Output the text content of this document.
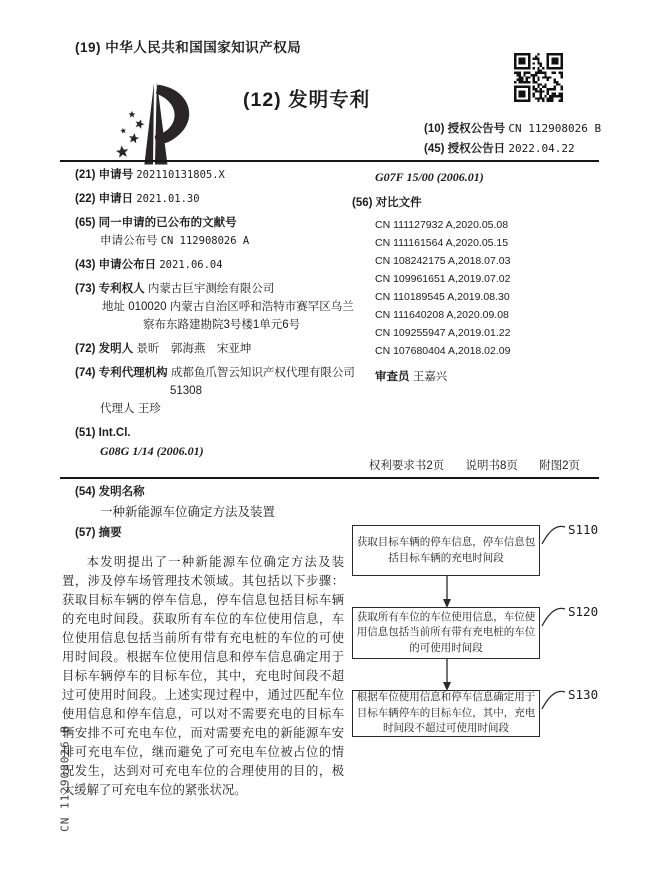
(19) 中华人民共和国国家知识产权局
(12) 发明专利
(10) 授权公告号 CN 112908026 B
(45) 授权公告日 2022.04.22
(21) 申请号 202110131805.X
(22) 申请日 2021.01.30
(65) 同一申请的已公布的文献号
申请公布号 CN 112908026 A
(43) 申请公布日 2021.06.04
(73) 专利权人 内蒙古巨宇测绘有限公司
地址 010020 内蒙古自治区呼和浩特市赛罕区乌兰察布东路建勘院3号楼1单元6号
(72) 发明人 景昕　郭海燕　宋亚坤
(74) 专利代理机构 成都鱼爪智云知识产权代理有限公司 51308
代理人 王珍
(51) Int.Cl.
G08G 1/14 (2006.01)
G07F 15/00 (2006.01)
(56) 对比文件
CN 111127932 A,2020.05.08
CN 111161564 A,2020.05.15
CN 108242175 A,2018.07.03
CN 109961651 A,2019.07.02
CN 110189545 A,2019.08.30
CN 111640208 A,2020.09.08
CN 109255947 A,2019.01.22
CN 107680404 A,2018.02.09
审查员 王嘉兴
权利要求书2页 说明书8页 附图2页
(54) 发明名称
一种新能源车位确定方法及装置
(57) 摘要

本发明提出了一种新能源车位确定方法及装置，涉及停车场管理技术领域。其包括以下步骤：获取目标车辆的停车信息，停车信息包括目标车辆的充电时间段。获取所有车位的车位使用信息，车位使用信息包括当前所有带有充电桩的车位的可使用时间段。根据车位使用信息和停车信息确定用于目标车辆停车的目标车位，其中，充电时间段不超过可使用时间段。上述实现过程中，通过匹配车位使用信息和停车信息，可以对不需要充电的目标车辆安排不可充电车位，而对需要充电的新能源车安排可充电车位，继而避免了可充电车位被占位的情况发生，达到对可充电车位的合理使用的目的，极大缓解了可充电车位的紧张状况。

获取目标车辆的停车信息，停车信息包括目标车辆的充电时间段
获取所有车位的车位使用信息，车位使用信息包括当前所有带有充电桩的车位的可使用时间段
根据车位使用信息和停车信息确定用于目标车辆停车的目标车位，其中，充电时间段不超过可使用时间段
S110
S120
S130
CN 112908026 B
